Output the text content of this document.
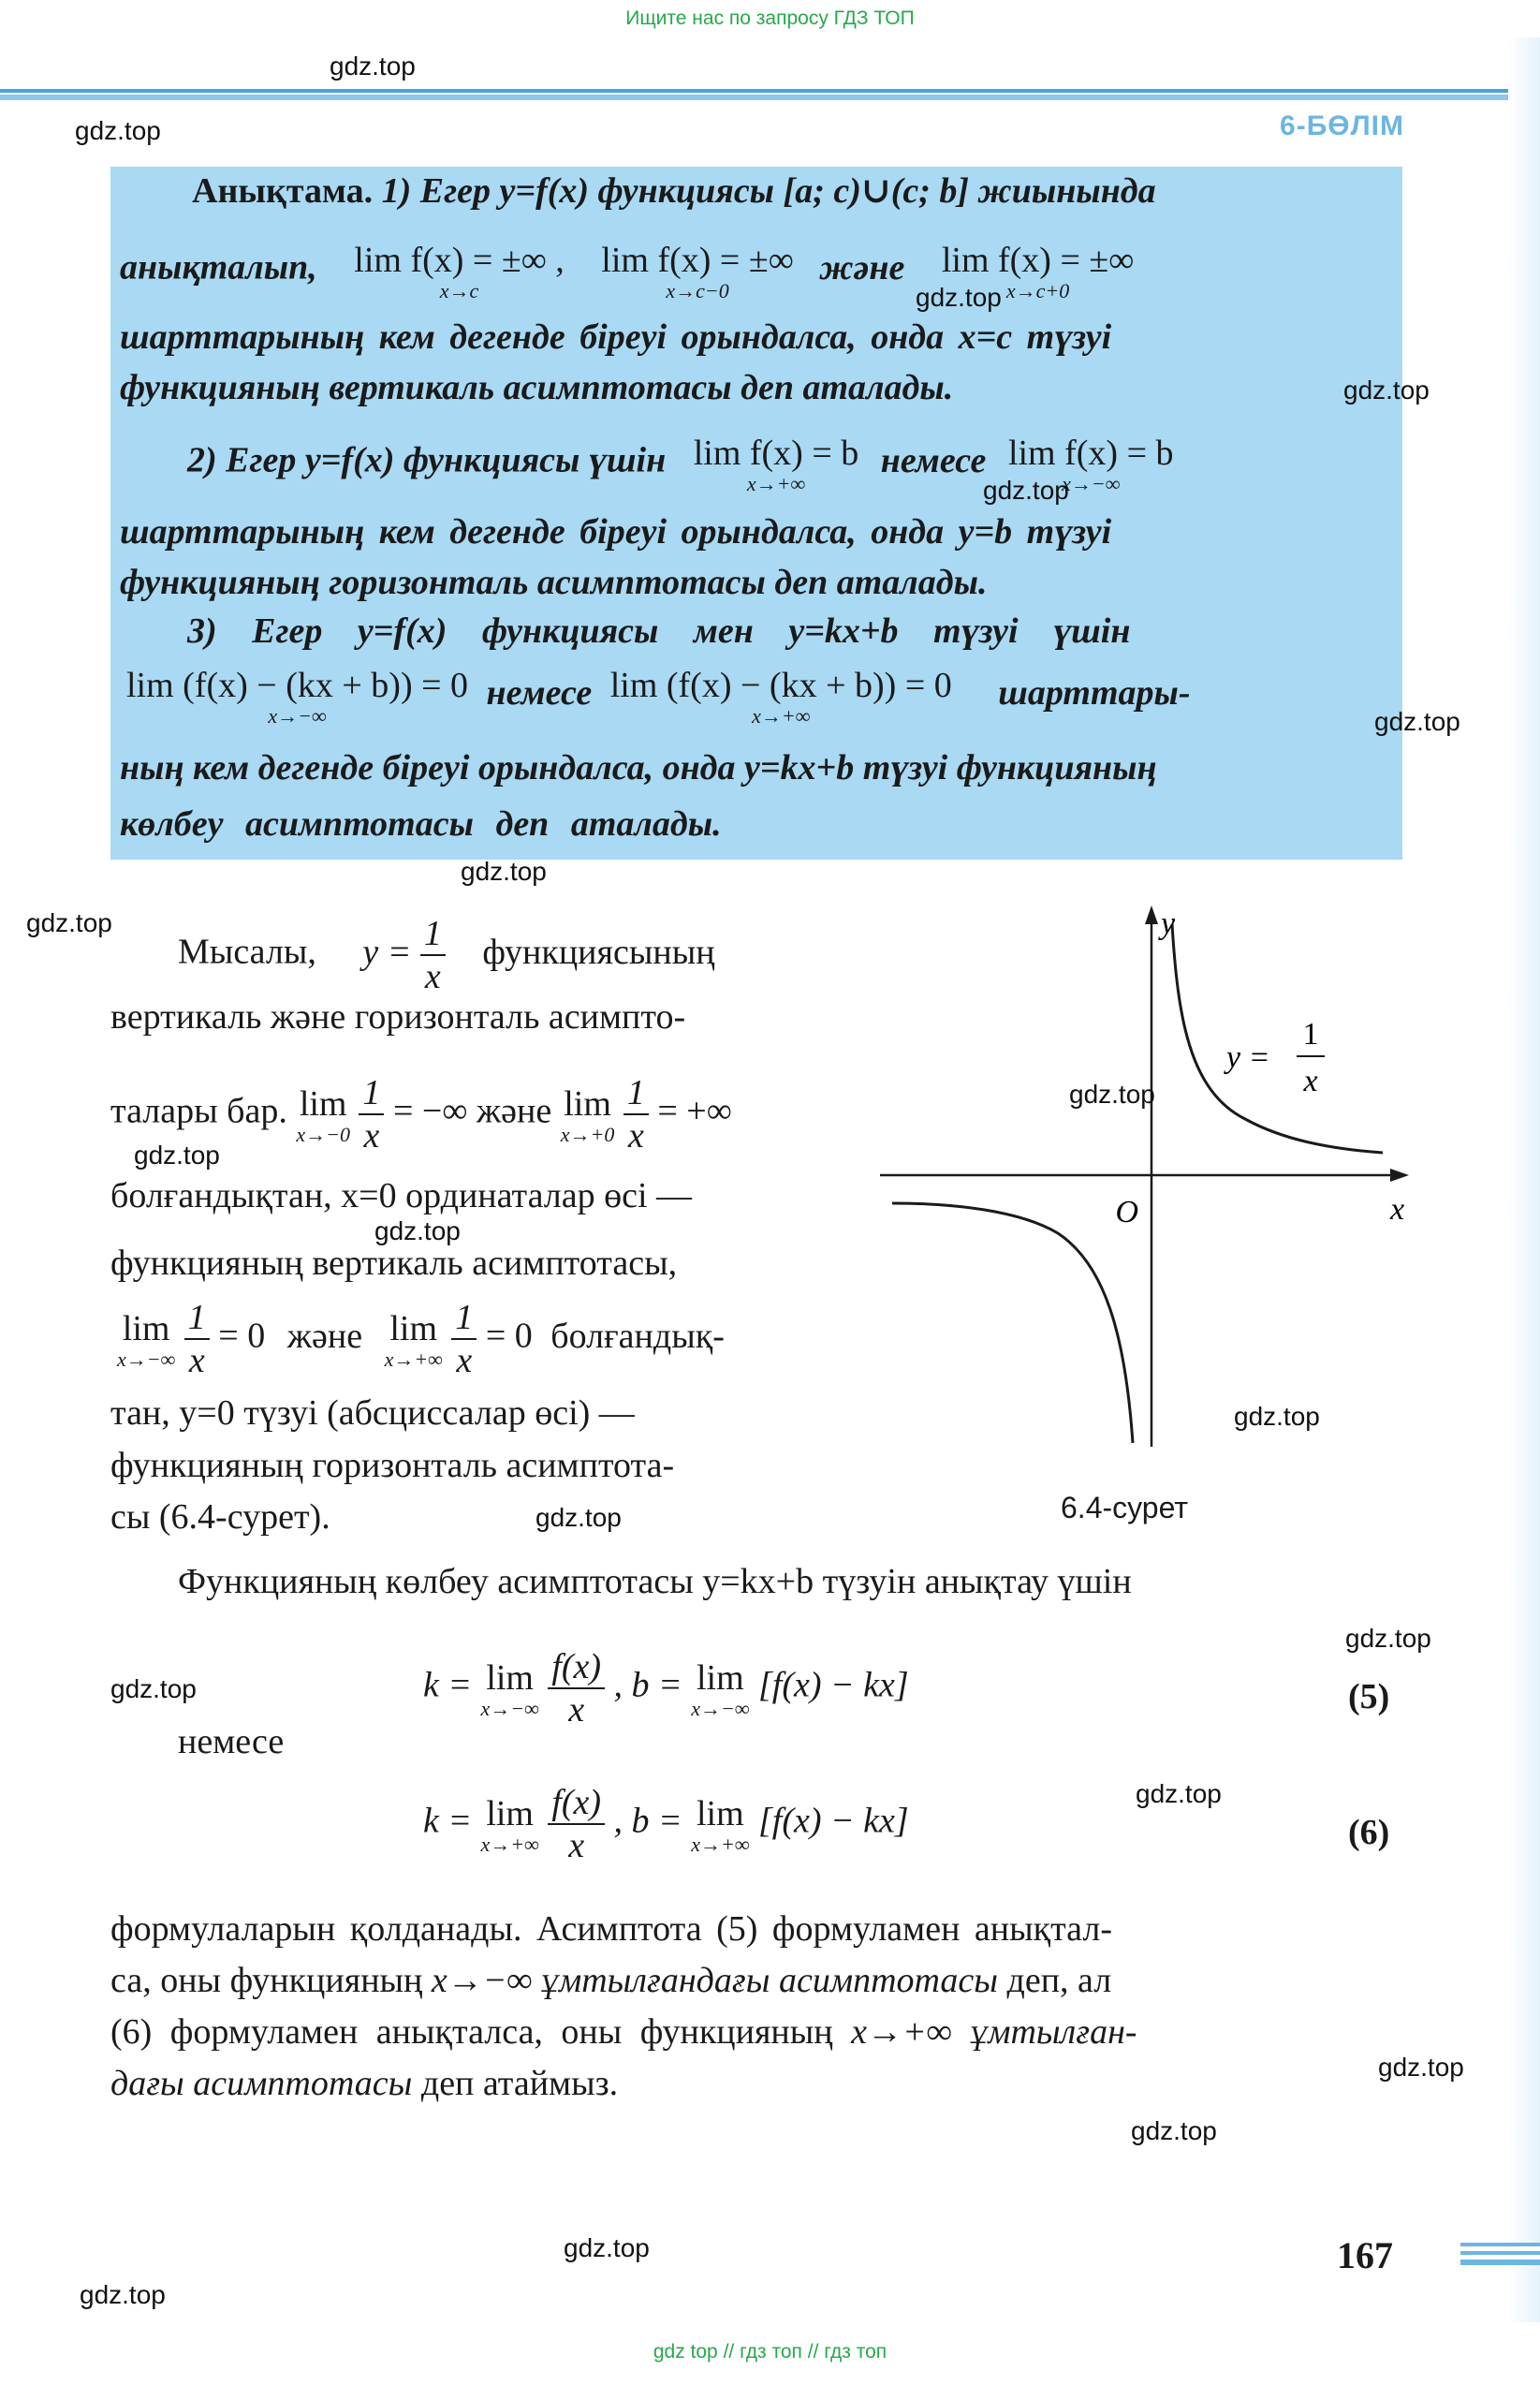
Ищите нас по запросу ГДЗ ТОП
6-БӨЛІМ
Анықтама. 1) Егер y=f(x) функциясы [a; c)∪(c; b] жиынында
анықталып, lim f(x) = ±∞ ,
x→c

lim f(x) = ±∞
x→c−0
және lim f(x) = ±∞
x→c+0
шарттарының кем дегенде біреуі орындалса, онда x=c түзуі
функцияның вертикаль асимптотасы деп аталады.
2) Егер y=f(x) функциясы үшін lim f(x) = b
x→+∞
немесе lim f(x) = b
x→−∞
шарттарының кем дегенде біреуі орындалса, онда y=b түзуі
функцияның горизонталь асимптотасы деп аталады.
3) Егер y=f(x) функциясы мен y=kx+b түзуі үшін
lim (f(x) − (kx + b)) = 0
x→−∞
немесе lim (f(x) − (kx + b)) = 0
x→+∞
шарттары-
ның кем дегенде біреуі орындалса, онда y=kx+b түзуі функцияның
көлбеу асимптотасы деп аталады.
Мысалы, $y = \frac{1}{x}$ функциясының
вертикаль және горизонталь асимпто-
талары бар. lim
x→−0
$\frac{1}{x}$ = −∞ және lim
x→+0
$\frac{1}{x}$ = +∞
болғандықтан, x=0 ординаталар өсі —
функцияның вертикаль асимптотасы,
lim
x→−∞
$\frac{1}{x} = 0$ және lim
x→+∞
$\frac{1}{x} = 0$ болғандық-
тан, y=0 түзуі (абсциссалар өсі) —
функцияның горизонталь асимптота-
сы (6.4-сурет).
O	x
y
y =
1
x
6.4-сурет
Функцияның көлбеу асимптотасы y=kx+b түзуін анықтау үшін
k = lim
x→−∞
$\frac{f(x)}{x}$ , b = lim
x→−∞
[f(x) − kx]	(5)
немесе
k = lim
x→+∞
$\frac{f(x)}{x}$ , b = lim
x→+∞
[f(x) − kx]	(6)
формулаларын қолданады. Асимптота (5) формуламен анықтал-
са, оны функцияның x→−∞ ұмтылғандағы асимптотасы деп, ал
(6) формуламен анықталса, оны функцияның x→+∞ ұмтылған-
дағы асимптотасы деп атаймыз.
gdz.top
gdz.top
gdz.top
gdz.top
gdz.top
gdz.top
gdz.top
gdz.top
gdz.top
gdz.top
gdz.top
gdz.top
gdz.top
gdz.top
gdz.top
gdz.top
gdz.top
gdz.top
gdz.top
gdz.top
167
gdz top // гдз топ // гдз топ
